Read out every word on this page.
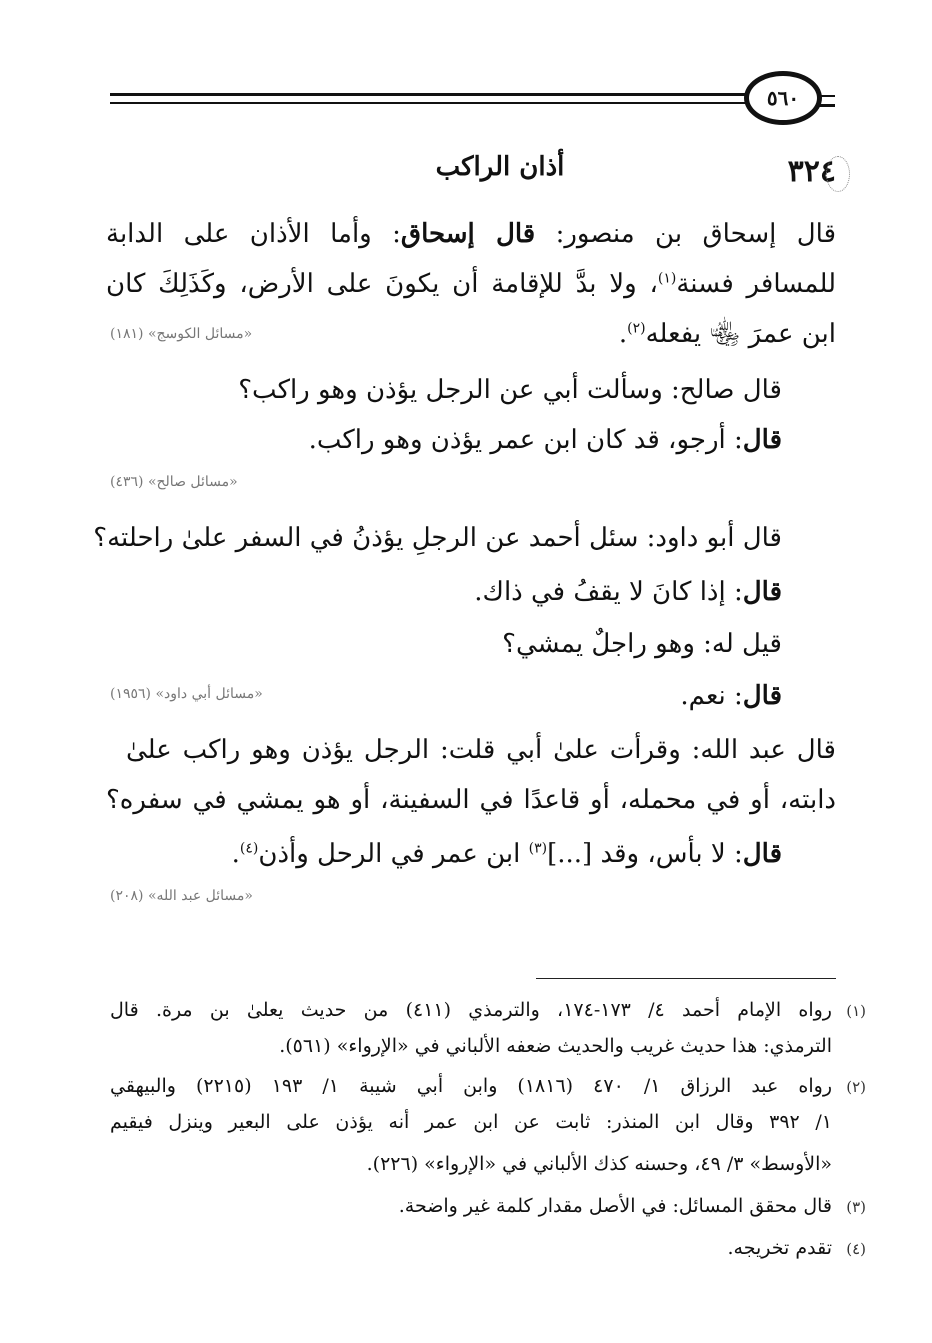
٥٦٠
٣٢٤
أذان الراكب
قال إسحاق بن منصور: قال إسحاق: وأما الأذان على الدابة
للمسافر فسنة$^{(١)}$، ولا بدَّ للإقامة أن يكونَ على الأرض، وكَذَلِكَ كان
ابن عمرَ ﵄ يفعله$^{(٢)}$.
«مسائل الكوسج» (١٨١)
قال صالح: وسألت أبي عن الرجل يؤذن وهو راكب؟
قال: أرجو، قد كان ابن عمر يؤذن وهو راكب.
«مسائل صالح» (٤٣٦)
قال أبو داود: سئل أحمد عن الرجلِ يؤذنُ في السفر علىٰ راحلته؟
قال: إذا كانَ لا يقفُ في ذاك.
قيل له: وهو راجلٌ يمشي؟
قال: نعم.
«مسائل أبي داود» (١٩٥٦)
قال عبد الله: وقرأت علىٰ أبي قلت: الرجل يؤذن وهو راكب علىٰ
دابته، أو في محمله، أو قاعدًا في السفينة، أو هو يمشي في سفره؟
قال: لا بأس، وقد [...]$^{(٣)}$ ابن عمر في الرحل وأذن$^{(٤)}$.
«مسائل عبد الله» (٢٠٨)
(١)
رواه الإمام أحمد ٤/ ١٧٣-١٧٤، والترمذي (٤١١) من حديث يعلىٰ بن مرة. قال
الترمذي: هذا حديث غريب والحديث ضعفه الألباني في «الإرواء» (٥٦١).
(٢)
رواه عبد الرزاق ١/ ٤٧٠ (١٨١٦) وابن أبي شيبة ١/ ١٩٣ (٢٢١٥) والبيهقي
١/ ٣٩٢ وقال ابن المنذر: ثابت عن ابن عمر أنه يؤذن على البعير وينزل فيقيم
«الأوسط» ٣/ ٤٩، وحسنه كذك الألباني في «الإرواء» (٢٢٦).
(٣)
قال محقق المسائل: في الأصل مقدار كلمة غير واضحة.
(٤)
تقدم تخريجه.
